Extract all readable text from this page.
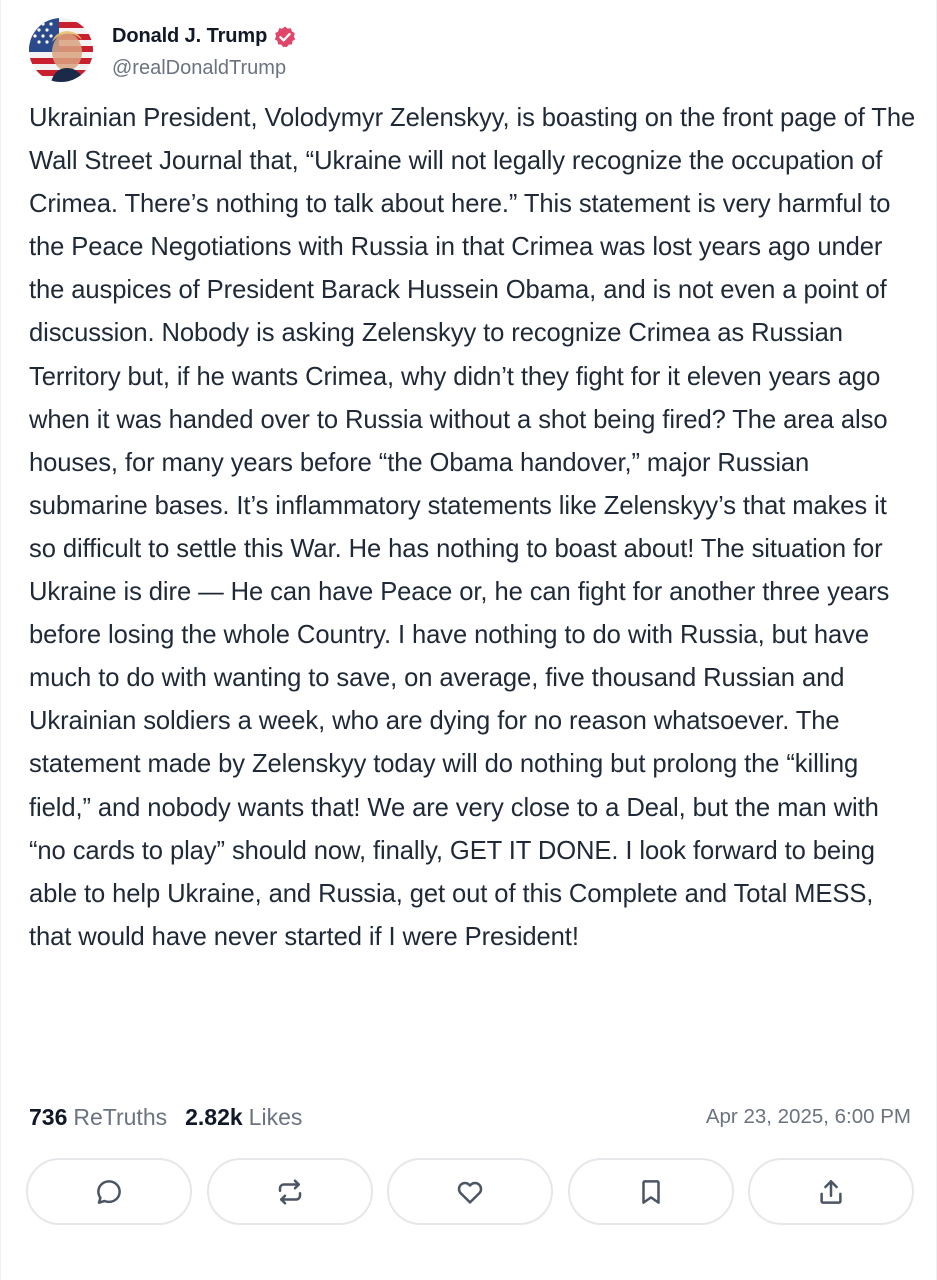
Donald J. Trump
@realDonaldTrump
Ukrainian President, Volodymyr Zelenskyy, is boasting on the front page of The Wall Street Journal that, “Ukraine will not legally recognize the occupation of Crimea. There’s nothing to talk about here.” This statement is very harmful to the Peace Negotiations with Russia in that Crimea was lost years ago under the auspices of President Barack Hussein Obama, and is not even a point of discussion. Nobody is asking Zelenskyy to recognize Crimea as Russian Territory but, if he wants Crimea, why didn’t they fight for it eleven years ago when it was handed over to Russia without a shot being fired? The area also houses, for many years before “the Obama handover,” major Russian submarine bases. It’s inflammatory statements like Zelenskyy’s that makes it so difficult to settle this War. He has nothing to boast about! The situation for Ukraine is dire — He can have Peace or, he can fight for another three years before losing the whole Country. I have nothing to do with Russia, but have much to do with wanting to save, on average, five thousand Russian and Ukrainian soldiers a week, who are dying for no reason whatsoever. The statement made by Zelenskyy today will do nothing but prolong the “killing field,” and nobody wants that! We are very close to a Deal, but the man with “no cards to play” should now, finally, GET IT DONE. I look forward to being able to help Ukraine, and Russia, get out of this Complete and Total MESS, that would have never started if I were President!
736 ReTruths 2.82k Likes	Apr 23, 2025, 6:00 PM
